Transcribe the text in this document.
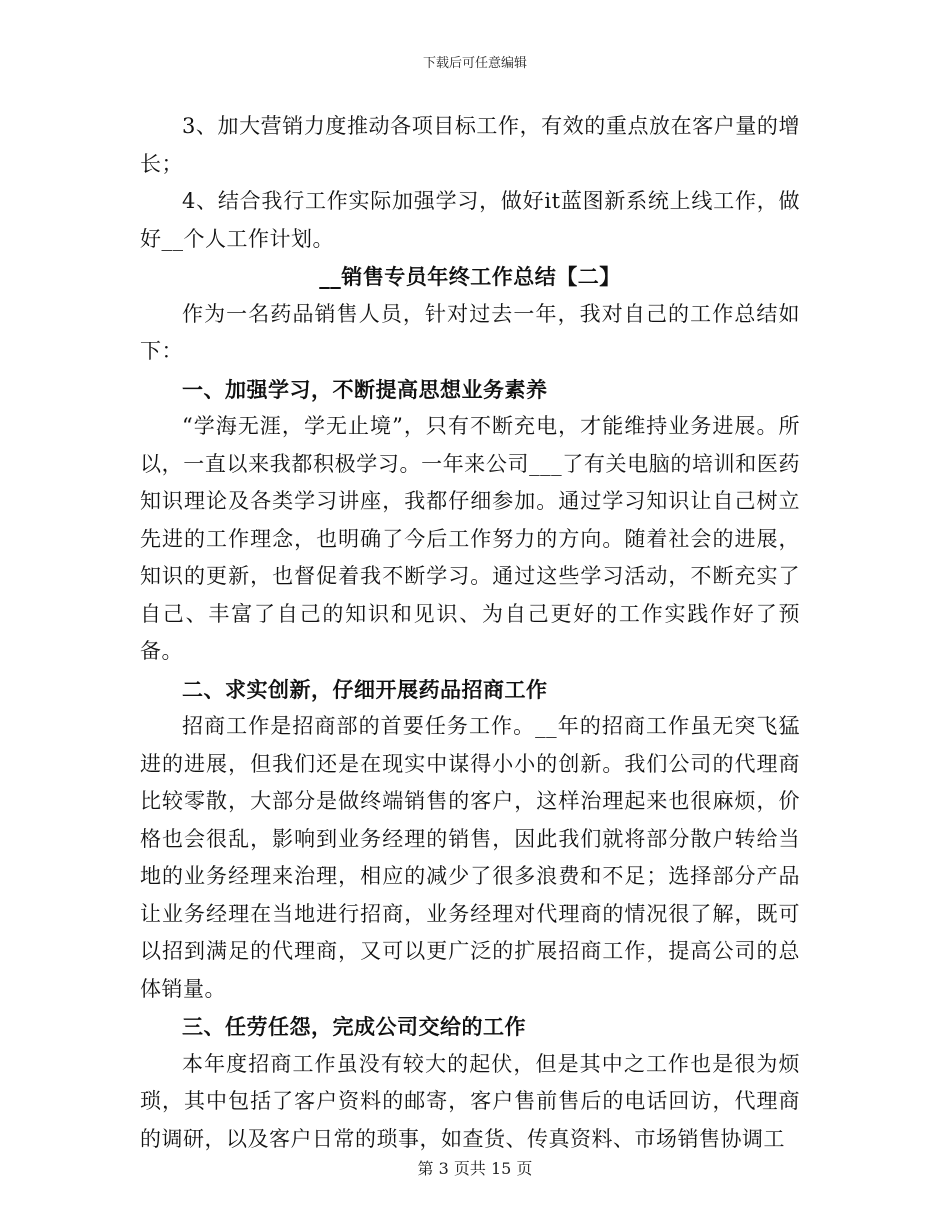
下载后可任意编辑

3、加大营销力度推动各项目标工作，有效的重点放在客户量的增长；

4、结合我行工作实际加强学习，做好it蓝图新系统上线工作，做好__个人工作计划。

__销售专员年终工作总结【二】

作为一名药品销售人员，针对过去一年，我对自己的工作总结如下：

一、加强学习，不断提高思想业务素养

“学海无涯，学无止境”，只有不断充电，才能维持业务进展。所以，一直以来我都积极学习。一年来公司___了有关电脑的培训和医药知识理论及各类学习讲座，我都仔细参加。通过学习知识让自己树立先进的工作理念，也明确了今后工作努力的方向。随着社会的进展，知识的更新，也督促着我不断学习。通过这些学习活动，不断充实了自己、丰富了自己的知识和见识、为自己更好的工作实践作好了预备。

二、求实创新，仔细开展药品招商工作

招商工作是招商部的首要任务工作。__年的招商工作虽无突飞猛进的进展，但我们还是在现实中谋得小小的创新。我们公司的代理商比较零散，大部分是做终端销售的客户，这样治理起来也很麻烦，价格也会很乱，影响到业务经理的销售，因此我们就将部分散户转给当地的业务经理来治理，相应的减少了很多浪费和不足；选择部分产品让业务经理在当地进行招商，业务经理对代理商的情况很了解，既可以招到满足的代理商，又可以更广泛的扩展招商工作，提高公司的总体销量。

三、任劳任怨，完成公司交给的工作

本年度招商工作虽没有较大的起伏，但是其中之工作也是很为烦琐，其中包括了客户资料的邮寄，客户售前售后的电话回访，代理商的调研，以及客户日常的琐事，如查货、传真资料、市场销售协调工

第 3 页共 15 页
